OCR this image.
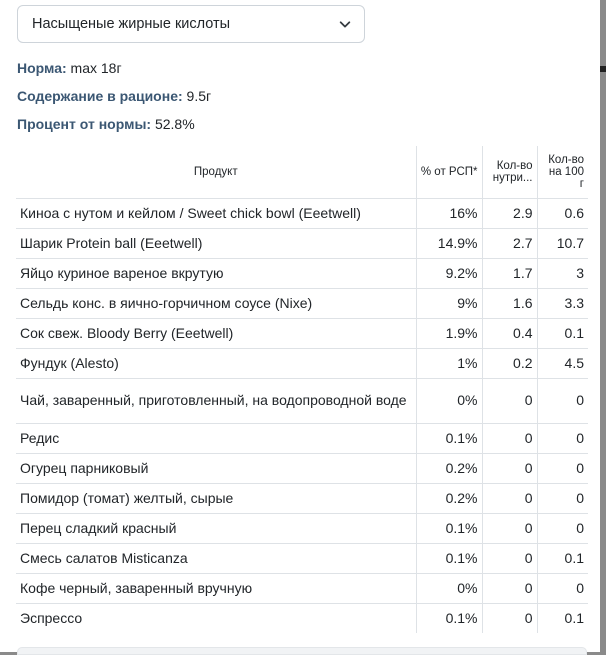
Насыщеные жирные кислоты
Норма: max 18г
Содержание в рационе: 9.5г
Процент от нормы: 52.8%
Продукт	% от РСП*	Кол-во нутри...	Кол-во на 100 г
Киноа с нутом и кейлом / Sweet chick bowl (Eeetwell)	16%	2.9	0.6
Шарик Protein ball (Eeetwell)	14.9%	2.7	10.7
Яйцо куриное вареное вкрутую	9.2%	1.7	3
Сельдь конс. в яично-горчичном соусе (Nixe)	9%	1.6	3.3
Сок свеж. Bloody Berry (Eeetwell)	1.9%	0.4	0.1
Фундук (Alesto)	1%	0.2	4.5
Чай, заваренный, приготовленный, на водопроводной воде	0%	0	0
Редис	0.1%	0	0
Огурец парниковый	0.2%	0	0
Помидор (томат) желтый, сырые	0.2%	0	0
Перец сладкий красный	0.1%	0	0
Смесь салатов Misticanza	0.1%	0	0.1
Кофе черный, заваренный вручную	0%	0	0
Эспрессо	0.1%	0	0.1
